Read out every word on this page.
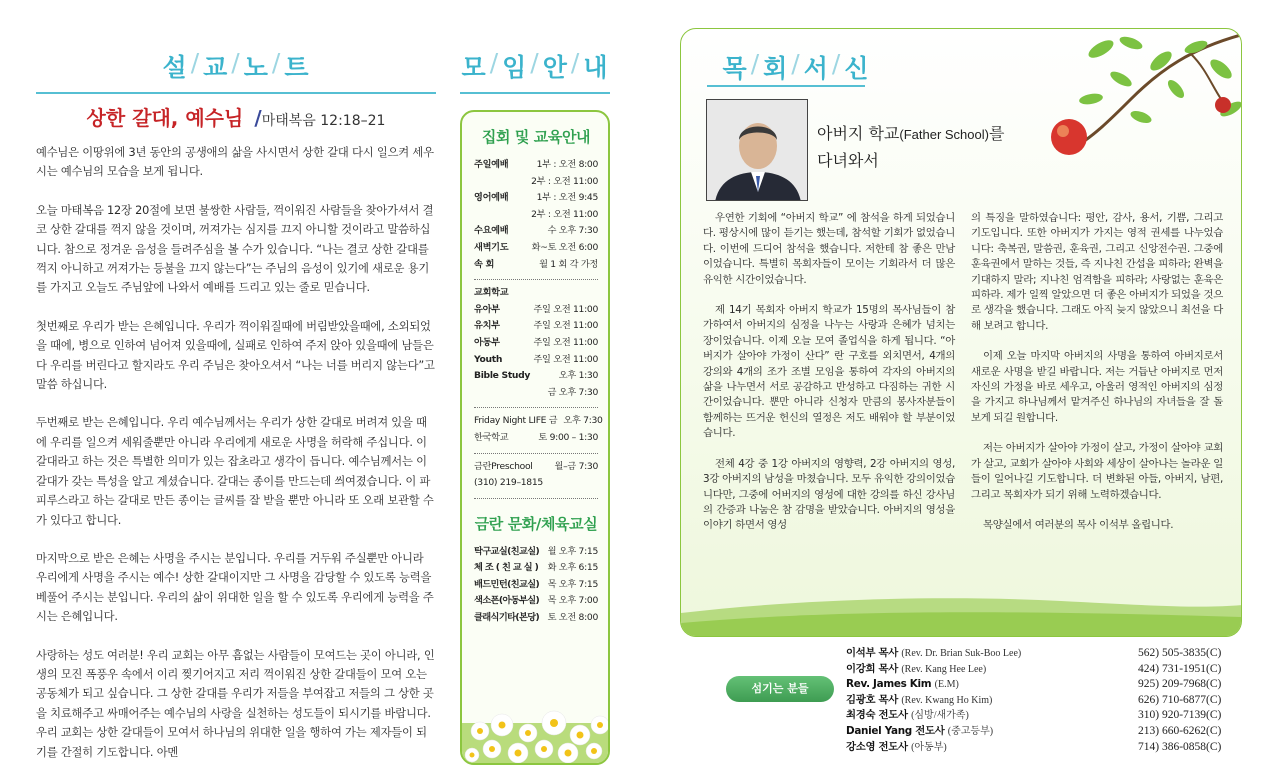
설 / 교 / 노 / 트
상한 갈대, 예수님 /마태복음 12:18–21

예수님은 이땅위에 3년 동안의 공생애의 삶을 사시면서 상한 갈대 다시 일으켜 세우시는 예수님의 모습을 보게 됩니다.

오늘 마태복음 12장 20절에 보면 불쌍한 사람들, 꺽이워진 사람들을 찾아가셔서 결코 상한 갈대를 꺽지 않을 것이며, 꺼져가는 심지를 끄지 아니할 것이라고 말씀하십니다. 참으로 정겨운 음성을 들려주심을 볼 수가 있습니다. “나는 결코 상한 갈대를 꺽지 아니하고 꺼져가는 등불을 끄지 않는다”는 주님의 음성이 있기에 새로운 용기를 가지고 오늘도 주님앞에 나와서 예배를 드리고 있는 줄로 믿습니다.

첫번째로 우리가 받는 은혜입니다. 우리가 꺽이워질때에 버림받았을때에, 소외되었을 때에, 병으로 인하여 넘어져 있을때에, 실패로 인하여 주저 앉아 있을때에 남들은 다 우리를 버린다고 할지라도 우리 주님은 찾아오셔서 “나는 너를 버리지 않는다”고 말씀 하십니다.

두번째로 받는 은혜입니다. 우리 예수님께서는 우리가 상한 갈대로 버려져 있을 때에 우리를 일으켜 세워줄뿐만 아니라 우리에게 새로운 사명을 허락해 주십니다. 이 갈대라고 하는 것은 특별한 의미가 있는 잡초라고 생각이 듭니다. 예수님께서는 이 갈대가 갖는 특성을 알고 계셨습니다. 갈대는 종이를 만드는데 씌여졌습니다. 이 파피루스라고 하는 갈대로 만든 종이는 글씨를 잘 받을 뿐만 아니라 또 오래 보관할 수가 있다고 합니다.

마지막으로 받은 은혜는 사명을 주시는 분입니다. 우리를 거두워 주실뿐만 아니라 우리에게 사명을 주시는 예수! 상한 갈대이지만 그 사명을 감당할 수 있도록 능력을 베풀어 주시는 분입니다. 우리의 삶이 위대한 일을 할 수 있도록 우리에게 능력을 주시는 은혜입니다.

사랑하는 성도 여러분! 우리 교회는 아무 흠없는 사람들이 모여드는 곳이 아니라, 인생의 모진 폭풍우 속에서 이리 찢기어지고 저리 꺽이워진 상한 갈대들이 모여 오는 공동체가 되고 싶습니다. 그 상한 갈대를 우리가 저들을 부여잡고 저들의 그 상한 곳을 치료해주고 싸매어주는 예수님의 사랑을 실천하는 성도들이 되시기를 바랍니다. 우리 교회는 상한 갈대들이 모여서 하나님의 위대한 일을 행하여 가는 제자들이 되기를 간절히 기도합니다. 아멘

모 / 임 / 안 / 내
집회 및 교육안내
주일예배	1부 : 오전 8:00
2부 : 오전 11:00
영어예배	1부 : 오전 9:45
2부 : 오전 11:00
수요예배	수 오후 7:30
새벽기도	화~토 오전 6:00
속 회	월 1 회 각 가정
교회학교
유아부	주일 오전 11:00
유치부	주일 오전 11:00
아동부	주일 오전 11:00
Youth	주일 오전 11:00
Bible Study	오후 1:30
금 오후 7:30
Friday Night LIFE 금 오후 7:30
한국학교	토 9:00 – 1:30
금란Preschool	월–금 7:30
(310) 219–1815
금란 문화/체육교실
탁구교실(친교실) 월 오후 7:15
체 조 ( 친 교 실 )	화 오후 6:15
배드민턴(친교실) 목 오후 7:15
색소폰(아동부실) 목 오후 7:00
클래식기타(본당) 토 오전 8:00
목 / 회 / 서 / 신
아버지 학교(Father School)를
다녀와서

우연한 기회에 “아버지 학교” 에 참석을 하게 되었습니다. 평상시에 많이 듣기는 했는데, 참석할 기회가 없었습니다. 이번에 드디어 참석을 했습니다. 저한테 참 좋은 만남이었습니다. 특별히 목회자들이 모이는 기회라서 더 많은 유익한 시간이었습니다.

제 14기 목회자 아버지 학교가 15명의 목사님들이 참가하여서 아버지의 심정을 나누는 사랑과 은혜가 넘치는 장이었습니다. 이제 오늘 모여 졸업식을 하게 됩니다. “아버지가 살아야 가정이 산다” 란 구호를 외치면서, 4개의 강의와 4개의 조가 조별 모임을 통하여 각자의 아버지의 삶을 나누면서 서로 공감하고 반성하고 다짐하는 귀한 시간이었습니다. 뿐만 아니라 신청자 만큼의 봉사자분들이 함께하는 뜨거운 헌신의 열정은 저도 배워야 할 부분이었습니다.

전체 4강 중 1강 아버지의 영향력, 2강 아버지의 영성, 3강 아버지의 남성을 마쳤습니다. 모두 유익한 강의이었습니다만, 그중에 어버지의 영성에 대한 강의를 하신 강사님의 간증과 나눔은 참 감명을 받았습니다. 아버지의 영성을 이야기 하면서 영성

의 특징을 말하였습니다: 평안, 감사, 용서, 기쁨, 그리고 기도입니다. 또한 아버지가 가지는 영적 권세를 나누었습니다: 축복권, 말씀권, 훈육권, 그리고 신앙전수권. 그중에 훈육권에서 말하는 것들, 즉 지나친 간섭을 피하라; 완벽을 기대하지 말라; 지나친 엄격함을 피하라; 사랑없는 훈육은 피하라. 제가 일찍 알았으면 더 좋은 아버지가 되었을 것으로 생각을 했습니다. 그래도 아직 늦지 않았으니 최선을 다해 보려고 합니다.

이제 오늘 마지막 아버지의 사명을 통하여 아버지로서 새로운 사명을 받길 바랍니다. 저는 거듭난 아버지로 먼저 자신의 가정을 바로 세우고, 아울러 영적인 아버지의 심정을 가지고 하나님께서 맡겨주신 하나님의 자녀들을 잘 돌보게 되길 원합니다.

저는 아버지가 살아야 가정이 살고, 가정이 살아야 교회가 살고, 교회가 살아야 사회와 세상이 살아나는 놀라운 일들이 일어나길 기도합니다. 더 변화된 아들, 아버지, 남편, 그리고 목회자가 되기 위해 노력하겠습니다.

목양실에서 여러분의 목사 이석부 올립니다.

섬기는 분들
이석부 목사 (Rev. Dr. Brian Suk-Boo Lee)	562) 505-3835(C)
이강희 목사 (Rev. Kang Hee Lee)	424) 731-1951(C)
Rev. James Kim (E.M)	925) 209-7968(C)
김광호 목사 (Rev. Kwang Ho Kim)	626) 710-6877(C)
최경숙 전도사 (심방/새가족)	310) 920-7139(C)
Daniel Yang 전도사 (중고등부)	213) 660-6262(C)
강소영 전도사 (아동부)	714) 386-0858(C)
